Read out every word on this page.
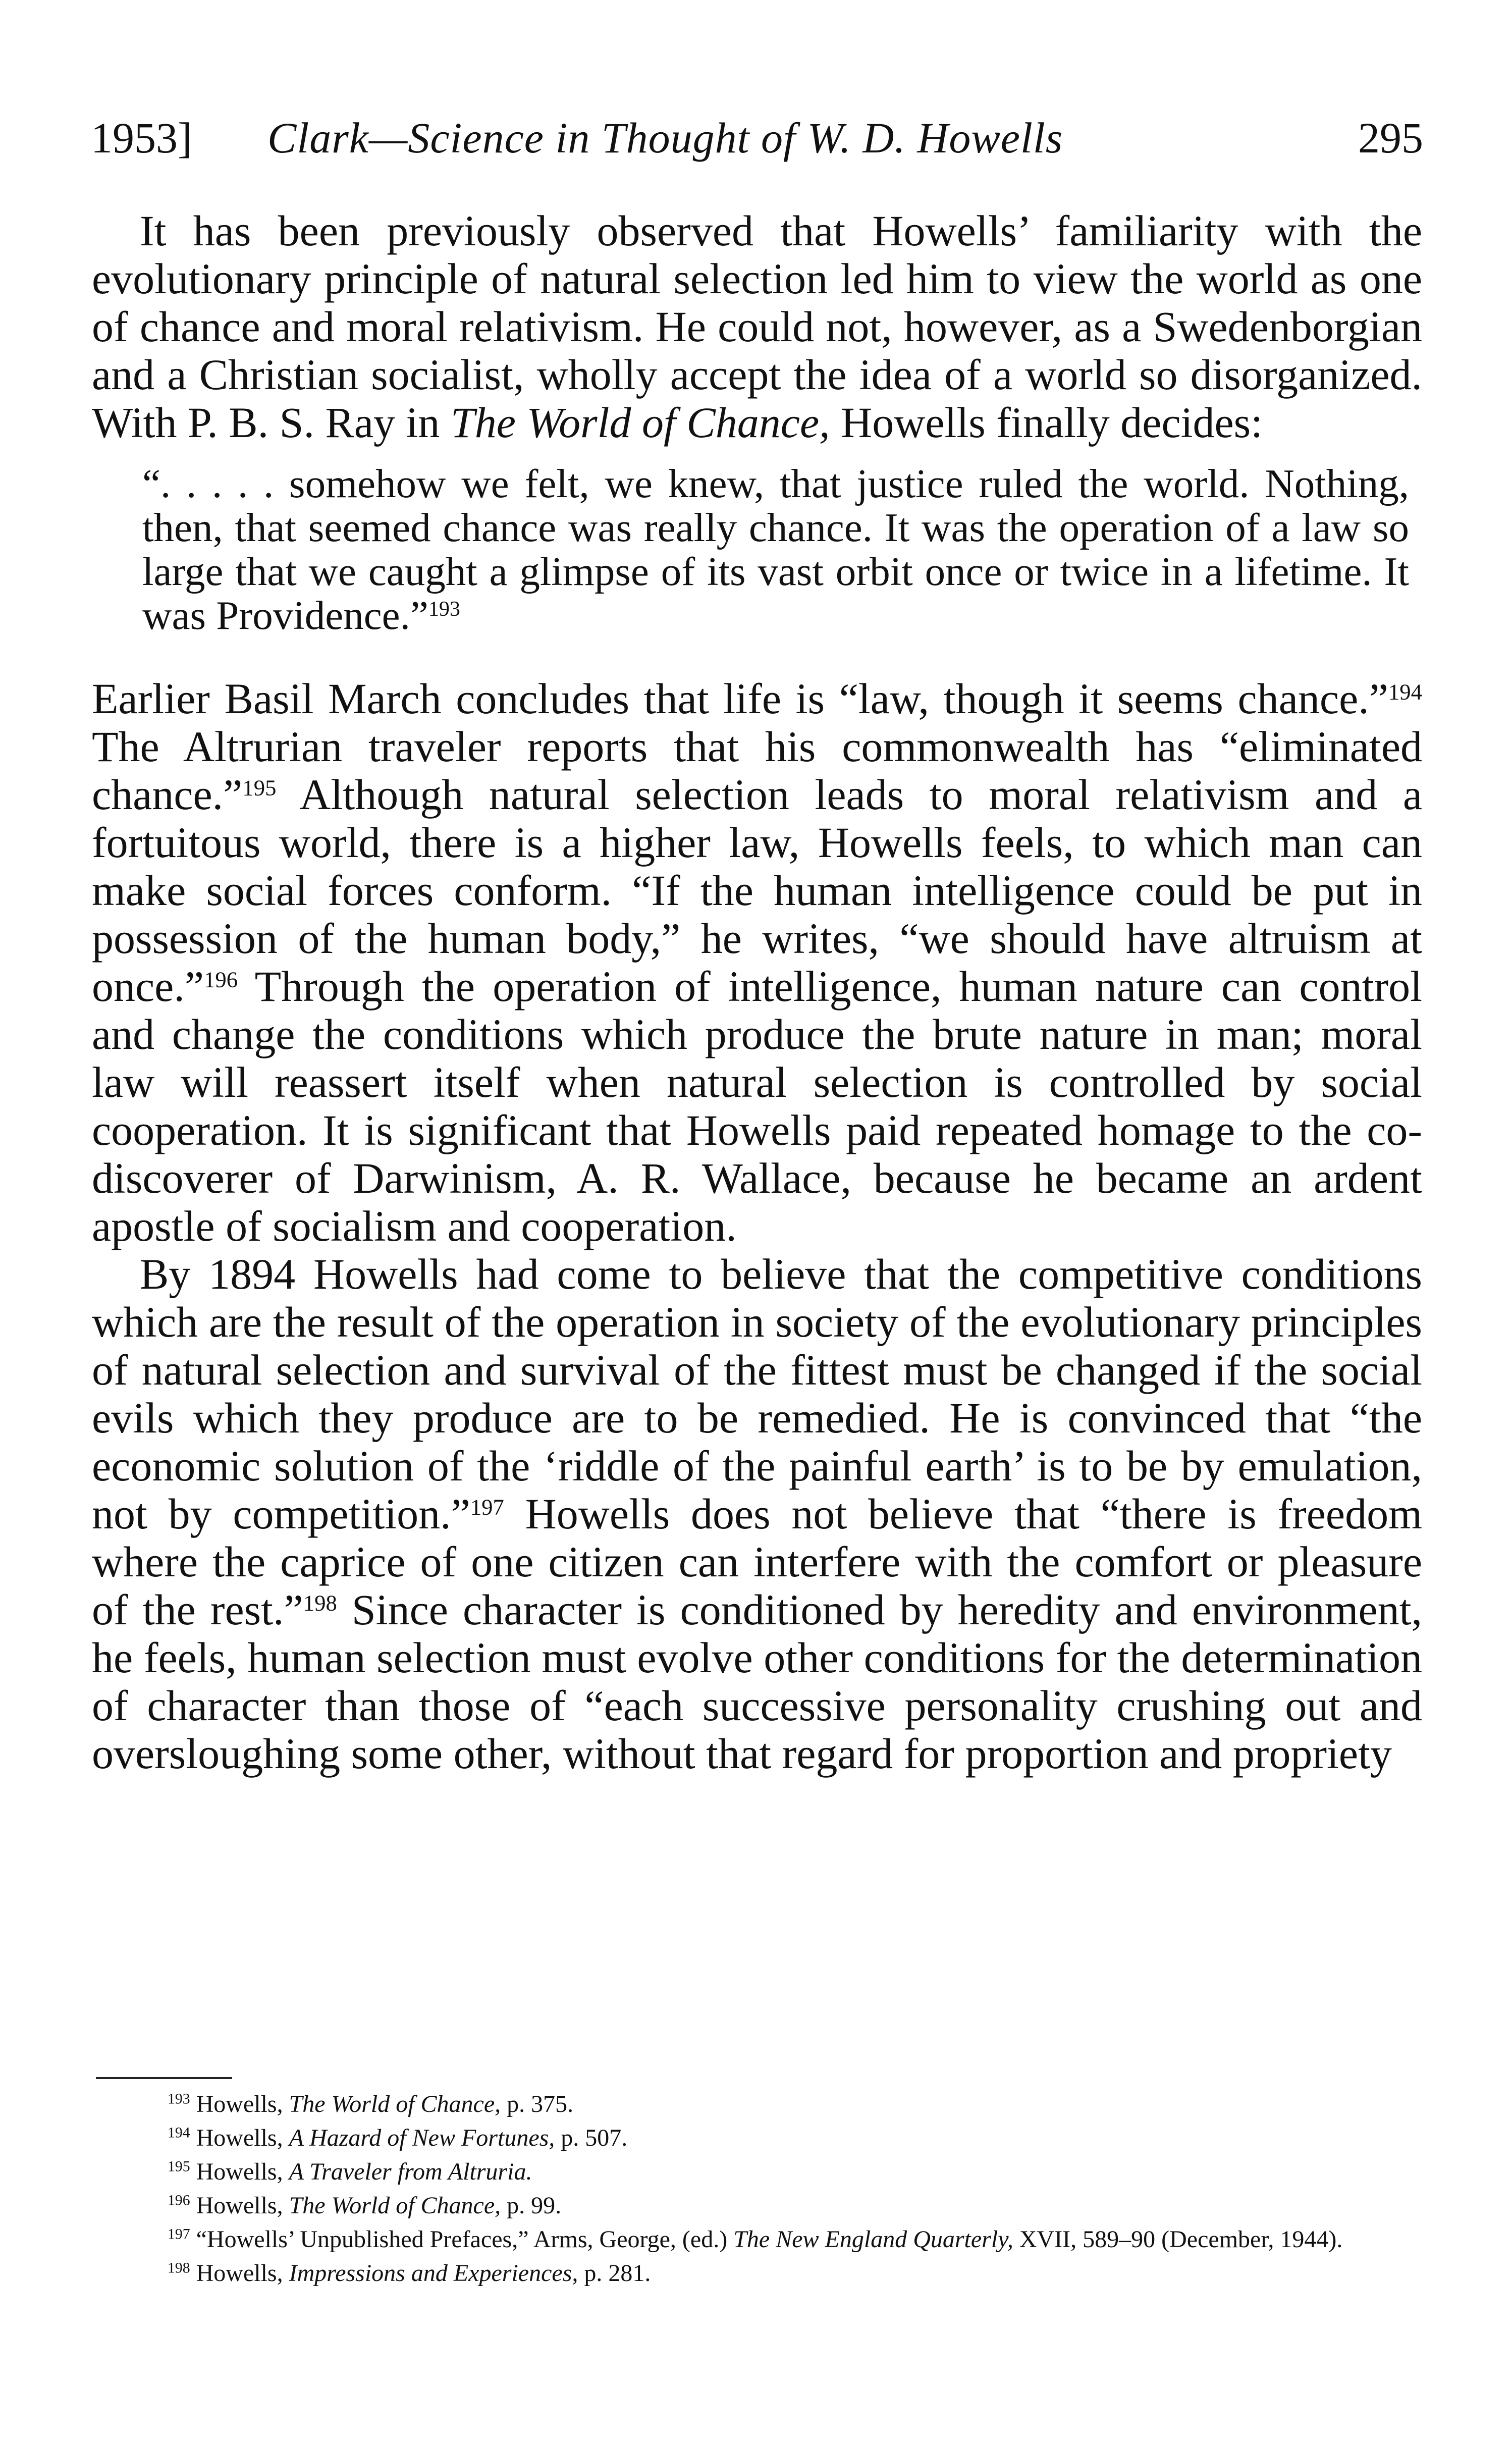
1953] Clark—Science in Thought of W. D. Howells	295

It has been previously observed that Howells’ familiarity with the evolutionary principle of natural selection led him to view the world as one of chance and moral relativism. He could not, however, as a Swedenborgian and a Christian socialist, wholly accept the idea of a world so disorganized. With P. B. S. Ray in The World of Chance, Howells finally decides:

“. . . . . somehow we felt, we knew, that justice ruled the world. Nothing, then, that seemed chance was really chance. It was the operation of a law so large that we caught a glimpse of its vast orbit once or twice in a lifetime. It was Providence.”$^{193}$

Earlier Basil March concludes that life is “law, though it seems chance.”$^{194}$ The Altrurian traveler reports that his commonwealth has “eliminated chance.”$^{195}$ Although natural selection leads to moral relativism and a fortuitous world, there is a higher law, Howells feels, to which man can make social forces conform. “If the human intelligence could be put in possession of the human body,” he writes, “we should have altruism at once.”$^{196}$ Through the operation of intelligence, human nature can control and change the conditions which produce the brute nature in man; moral law will reassert itself when natural selection is controlled by social cooperation. It is significant that Howells paid repeated homage to the co-discoverer of Darwinism, A. R. Wallace, because he became an ardent apostle of socialism and cooperation.

By 1894 Howells had come to believe that the competitive conditions which are the result of the operation in society of the evolutionary principles of natural selection and survival of the fittest must be changed if the social evils which they produce are to be remedied. He is convinced that “the economic solution of the ‘riddle of the painful earth’ is to be by emulation, not by competition.”$^{197}$ Howells does not believe that “there is freedom where the caprice of one citizen can interfere with the comfort or pleasure of the rest.”$^{198}$ Since character is conditioned by heredity and environment, he feels, human selection must evolve other conditions for the determination of character than those of “each successive personality crushing out and oversloughing some other, without that regard for proportion and propriety

$^{193}$ Howells, The World of Chance, p. 375.

$^{194}$ Howells, A Hazard of New Fortunes, p. 507.

$^{195}$ Howells, A Traveler from Altruria.

$^{196}$ Howells, The World of Chance, p. 99.

$^{197}$ “Howells’ Unpublished Prefaces,” Arms, George, (ed.) The New England Quarterly, XVII, 589–90 (December, 1944).

$^{198}$ Howells, Impressions and Experiences, p. 281.
